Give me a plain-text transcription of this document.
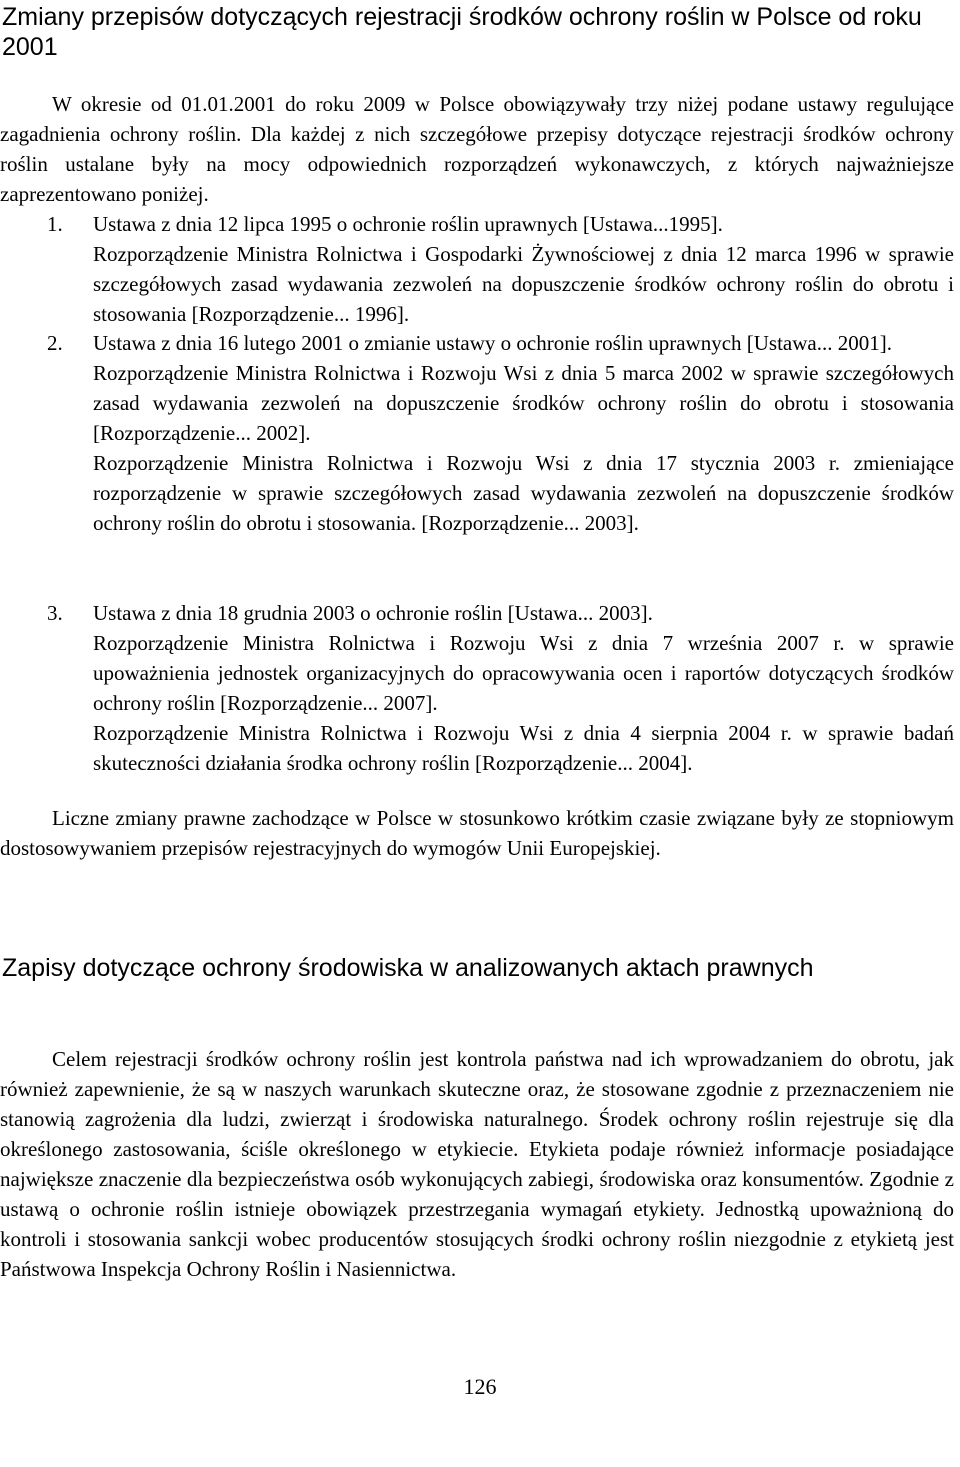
Zmiany przepisów dotyczących rejestracji środków ochrony roślin w Polsce od roku 2001

W okresie od 01.01.2001 do roku 2009 w Polsce obowiązywały trzy niżej podane ustawy regulujące zagadnienia ochrony roślin. Dla każdej z nich szczegółowe przepisy dotyczące rejestracji środków ochrony roślin ustalane były na mocy odpowiednich rozporządzeń wykonawczych, z których najważniejsze zaprezentowano poniżej.

1. Ustawa z dnia 12 lipca 1995 o ochronie roślin uprawnych [Ustawa...1995].

Rozporządzenie Ministra Rolnictwa i Gospodarki Żywnościowej z dnia 12 marca 1996 w sprawie szczegółowych zasad wydawania zezwoleń na dopuszczenie środków ochrony roślin do obrotu i stosowania [Rozporządzenie... 1996].

2. Ustawa z dnia 16 lutego 2001 o zmianie ustawy o ochronie roślin uprawnych [Ustawa... 2001].

Rozporządzenie Ministra Rolnictwa i Rozwoju Wsi z dnia 5 marca 2002 w sprawie szczegółowych zasad wydawania zezwoleń na dopuszczenie środków ochrony roślin do obrotu i stosowania [Rozporządzenie... 2002].

Rozporządzenie Ministra Rolnictwa i Rozwoju Wsi z dnia 17 stycznia 2003 r. zmieniające rozporządzenie w sprawie szczegółowych zasad wydawania zezwoleń na dopuszczenie środków ochrony roślin do obrotu i stosowania. [Rozporządzenie... 2003].

3. Ustawa z dnia 18 grudnia 2003 o ochronie roślin [Ustawa... 2003].

Rozporządzenie Ministra Rolnictwa i Rozwoju Wsi z dnia 7 września 2007 r. w sprawie upoważnienia jednostek organizacyjnych do opracowywania ocen i raportów dotyczących środków ochrony roślin [Rozporządzenie... 2007].

Rozporządzenie Ministra Rolnictwa i Rozwoju Wsi z dnia 4 sierpnia 2004 r. w sprawie badań skuteczności działania środka ochrony roślin [Rozporządzenie... 2004].

Liczne zmiany prawne zachodzące w Polsce w stosunkowo krótkim czasie związane były ze stopniowym dostosowywaniem przepisów rejestracyjnych do wymogów Unii Europejskiej.

Zapisy dotyczące ochrony środowiska w analizowanych aktach prawnych

Celem rejestracji środków ochrony roślin jest kontrola państwa nad ich wprowadzaniem do obrotu, jak również zapewnienie, że są w naszych warunkach skuteczne oraz, że stosowane zgodnie z przeznaczeniem nie stanowią zagrożenia dla ludzi, zwierząt i środowiska naturalnego. Środek ochrony roślin rejestruje się dla określonego zastosowania, ściśle określonego w etykiecie. Etykieta podaje również informacje posiadające największe znaczenie dla bezpieczeństwa osób wykonujących zabiegi, środowiska oraz konsumentów. Zgodnie z ustawą o ochronie roślin istnieje obowiązek przestrzegania wymagań etykiety. Jednostką upoważnioną do kontroli i stosowania sankcji wobec producentów stosujących środki ochrony roślin niezgodnie z etykietą jest Państwowa Inspekcja Ochrony Roślin i Nasiennictwa.

126
